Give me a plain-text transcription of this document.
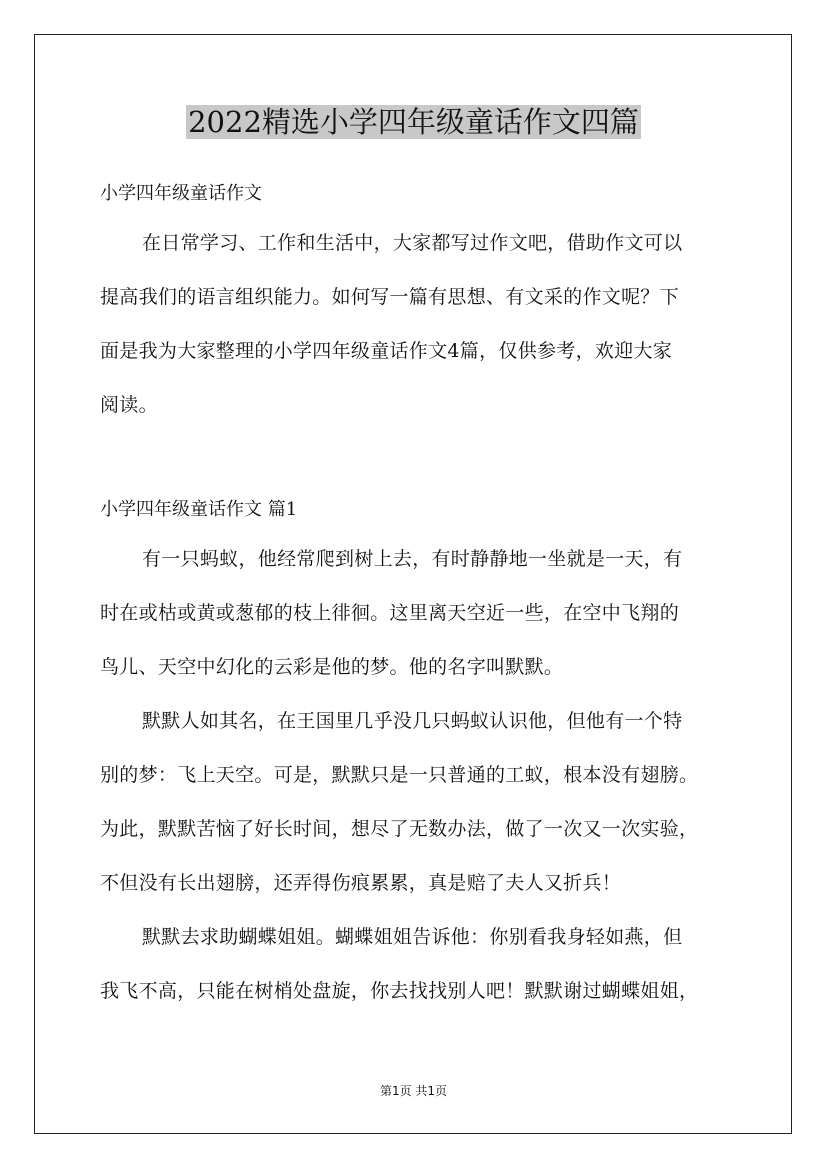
2022精选小学四年级童话作文四篇
小学四年级童话作文
在日常学习、工作和生活中，大家都写过作文吧，借助作文可以
提高我们的语言组织能力。如何写一篇有思想、有文采的作文呢？下
面是我为大家整理的小学四年级童话作文4篇，仅供参考，欢迎大家
阅读。
小学四年级童话作文 篇1
有一只蚂蚁，他经常爬到树上去，有时静静地一坐就是一天，有
时在或枯或黄或葱郁的枝上徘徊。这里离天空近一些，在空中飞翔的
鸟儿、天空中幻化的云彩是他的梦。他的名字叫默默。
默默人如其名，在王国里几乎没几只蚂蚁认识他，但他有一个特
别的梦：飞上天空。可是，默默只是一只普通的工蚁，根本没有翅膀。
为此，默默苦恼了好长时间，想尽了无数办法，做了一次又一次实验，
不但没有长出翅膀，还弄得伤痕累累，真是赔了夫人又折兵！
默默去求助蝴蝶姐姐。蝴蝶姐姐告诉他：你别看我身轻如燕，但
我飞不高，只能在树梢处盘旋，你去找找别人吧！默默谢过蝴蝶姐姐，
第1页 共1页
